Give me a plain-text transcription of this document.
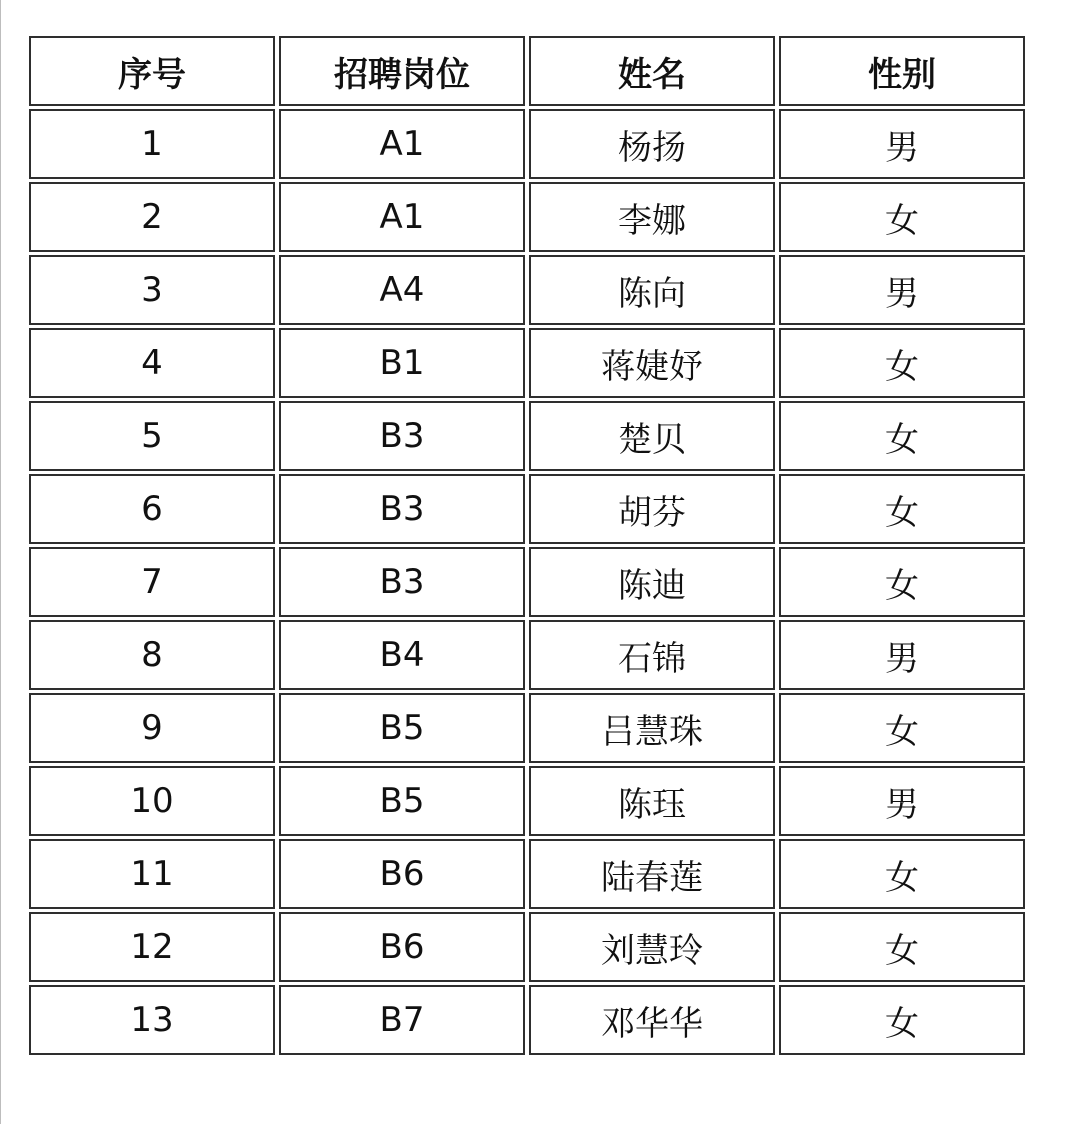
序号	招聘岗位	姓名	性别
1	A1	杨扬	男
2	A1	李娜	女
3	A4	陈向	男
4	B1	蒋婕妤	女
5	B3	楚贝	女
6	B3	胡芬	女
7	B3	陈迪	女
8	B4	石锦	男
9	B5	吕慧珠	女
10	B5	陈珏	男
11	B6	陆春莲	女
12	B6	刘慧玲	女
13	B7	邓华华	女
